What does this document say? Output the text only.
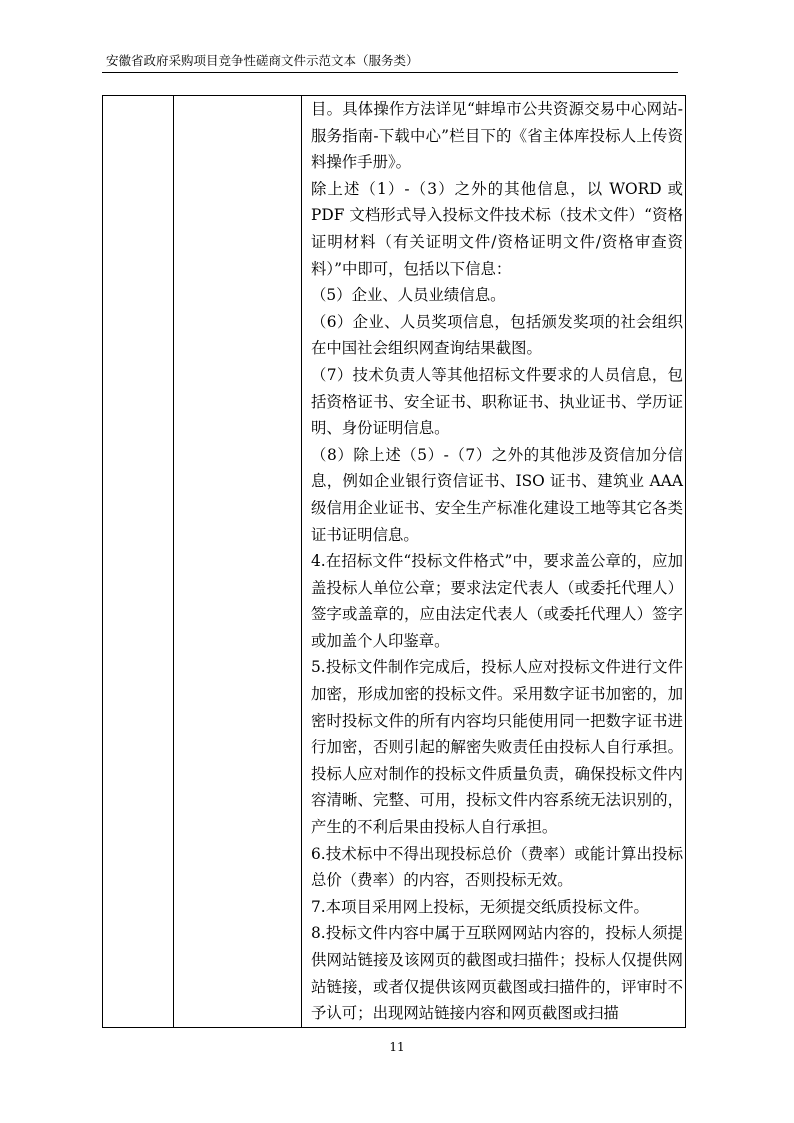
安徽省政府采购项目竞争性磋商文件示范文本（服务类）

目。具体操作方法详见“蚌埠市公共资源交易中心网站-服务指南-下载中心”栏目下的《省主体库投标人上传资料操作手册》。

除上述（1）-（3）之外的其他信息，以 WORD 或 PDF 文档形式导入投标文件技术标（技术文件）“资格证明材料（有关证明文件/资格证明文件/资格审查资料）”中即可，包括以下信息：

（5）企业、人员业绩信息。

（6）企业、人员奖项信息，包括颁发奖项的社会组织在中国社会组织网查询结果截图。

（7）技术负责人等其他招标文件要求的人员信息，包括资格证书、安全证书、职称证书、执业证书、学历证明、身份证明信息。

（8）除上述（5）-（7）之外的其他涉及资信加分信息，例如企业银行资信证书、ISO 证书、建筑业 AAA 级信用企业证书、安全生产标准化建设工地等其它各类证书证明信息。

4.在招标文件“投标文件格式”中，要求盖公章的，应加盖投标人单位公章；要求法定代表人（或委托代理人）签字或盖章的，应由法定代表人（或委托代理人）签字或加盖个人印鉴章。

5.投标文件制作完成后，投标人应对投标文件进行文件加密，形成加密的投标文件。采用数字证书加密的，加密时投标文件的所有内容均只能使用同一把数字证书进行加密，否则引起的解密失败责任由投标人自行承担。投标人应对制作的投标文件质量负责，确保投标文件内容清晰、完整、可用，投标文件内容系统无法识别的，产生的不利后果由投标人自行承担。

6.技术标中不得出现投标总价（费率）或能计算出投标总价（费率）的内容，否则投标无效。

7.本项目采用网上投标，无须提交纸质投标文件。

8.投标文件内容中属于互联网网站内容的，投标人须提供网站链接及该网页的截图或扫描件；投标人仅提供网站链接，或者仅提供该网页截图或扫描件的，评审时不予认可；出现网站链接内容和网页截图或扫描

11
